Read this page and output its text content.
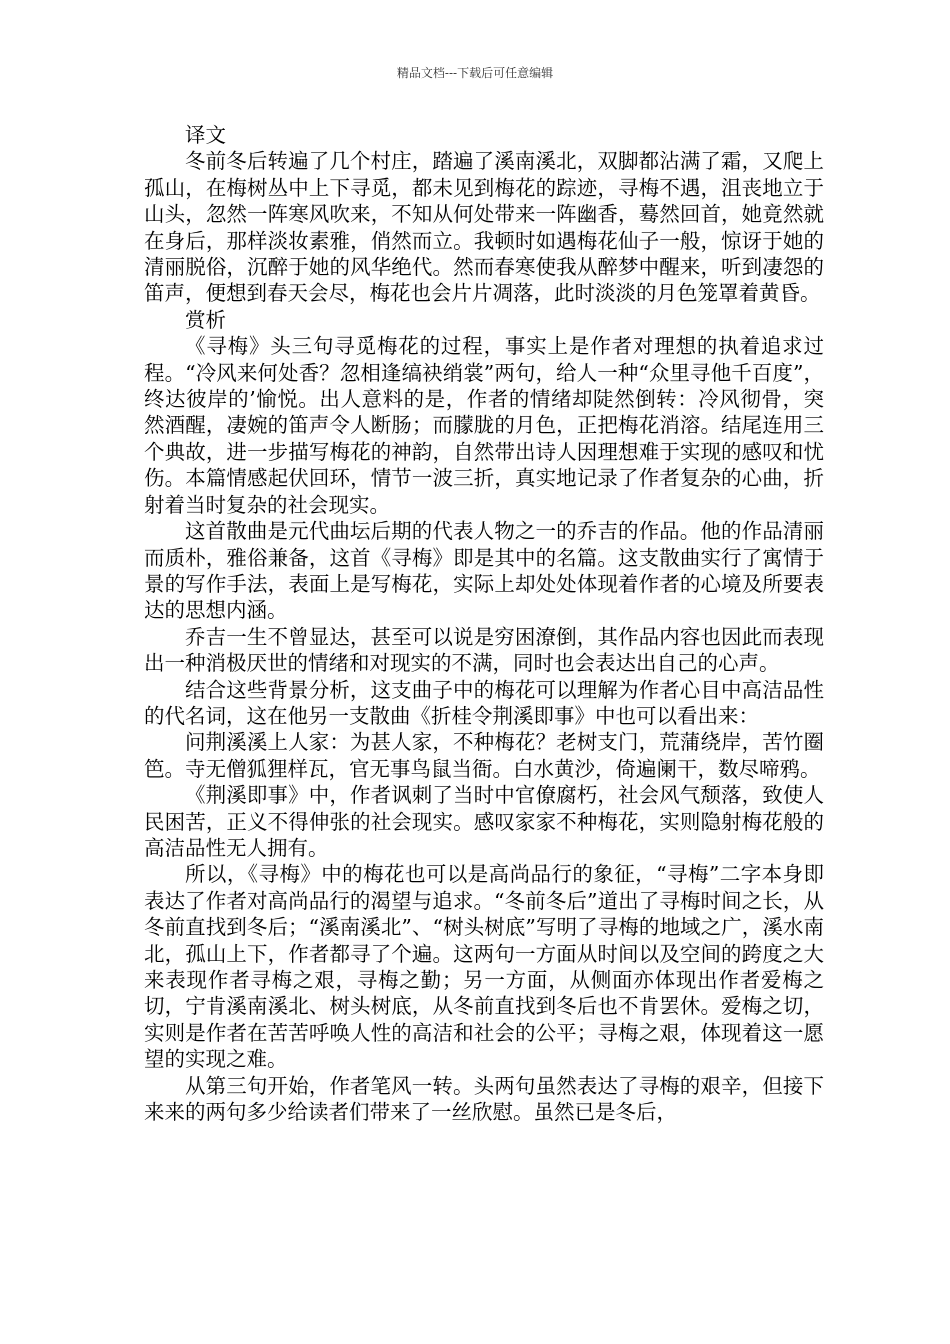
精品文档---下载后可任意编辑

译文

冬前冬后转遍了几个村庄，踏遍了溪南溪北，双脚都沾满了霜，又爬上孤山，在梅树丛中上下寻觅，都未见到梅花的踪迹，寻梅不遇，沮丧地立于山头，忽然一阵寒风吹来，不知从何处带来一阵幽香，蓦然回首，她竟然就在身后，那样淡妆素雅，俏然而立。我顿时如遇梅花仙子一般，惊讶于她的清丽脱俗，沉醉于她的风华绝代。然而春寒使我从醉梦中醒来，听到凄怨的笛声，便想到春天会尽，梅花也会片片凋落，此时淡淡的月色笼罩着黄昏。

赏析

《寻梅》头三句寻觅梅花的过程，事实上是作者对理想的执着追求过程。“冷风来何处香？忽相逢缟袂绡裳”两句，给人一种“众里寻他千百度”，终达彼岸的’愉悦。出人意料的是，作者的情绪却陡然倒转：冷风彻骨，突然酒醒，凄婉的笛声令人断肠；而朦胧的月色，正把梅花消溶。结尾连用三个典故，进一步描写梅花的神韵，自然带出诗人因理想难于实现的感叹和忧伤。本篇情感起伏回环，情节一波三折，真实地记录了作者复杂的心曲，折射着当时复杂的社会现实。

这首散曲是元代曲坛后期的代表人物之一的乔吉的作品。他的作品清丽而质朴，雅俗兼备，这首《寻梅》即是其中的名篇。这支散曲实行了寓情于景的写作手法，表面上是写梅花，实际上却处处体现着作者的心境及所要表达的思想内涵。

乔吉一生不曾显达，甚至可以说是穷困潦倒，其作品内容也因此而表现出一种消极厌世的情绪和对现实的不满，同时也会表达出自己的心声。

结合这些背景分析，这支曲子中的梅花可以理解为作者心目中高洁品性的代名词，这在他另一支散曲《折桂令荆溪即事》中也可以看出来：

问荆溪溪上人家：为甚人家，不种梅花？老树支门，荒蒲绕岸，苦竹圈笆。寺无僧狐狸样瓦，官无事鸟鼠当衙。白水黄沙，倚遍阑干，数尽啼鸦。

《荆溪即事》中，作者讽刺了当时中官僚腐朽，社会风气颓落，致使人民困苦，正义不得伸张的社会现实。感叹家家不种梅花，实则隐射梅花般的高洁品性无人拥有。

所以，《寻梅》中的梅花也可以是高尚品行的象征，“寻梅”二字本身即表达了作者对高尚品行的渴望与追求。“冬前冬后”道出了寻梅时间之长，从冬前直找到冬后；“溪南溪北”、“树头树底”写明了寻梅的地域之广，溪水南北，孤山上下，作者都寻了个遍。这两句一方面从时间以及空间的跨度之大来表现作者寻梅之艰，寻梅之勤；另一方面，从侧面亦体现出作者爱梅之切，宁肯溪南溪北、树头树底，从冬前直找到冬后也不肯罢休。爱梅之切，实则是作者在苦苦呼唤人性的高洁和社会的公平；寻梅之艰，体现着这一愿望的实现之难。

从第三句开始，作者笔风一转。头两句虽然表达了寻梅的艰辛，但接下来来的两句多少给读者们带来了一丝欣慰。虽然已是冬后，
